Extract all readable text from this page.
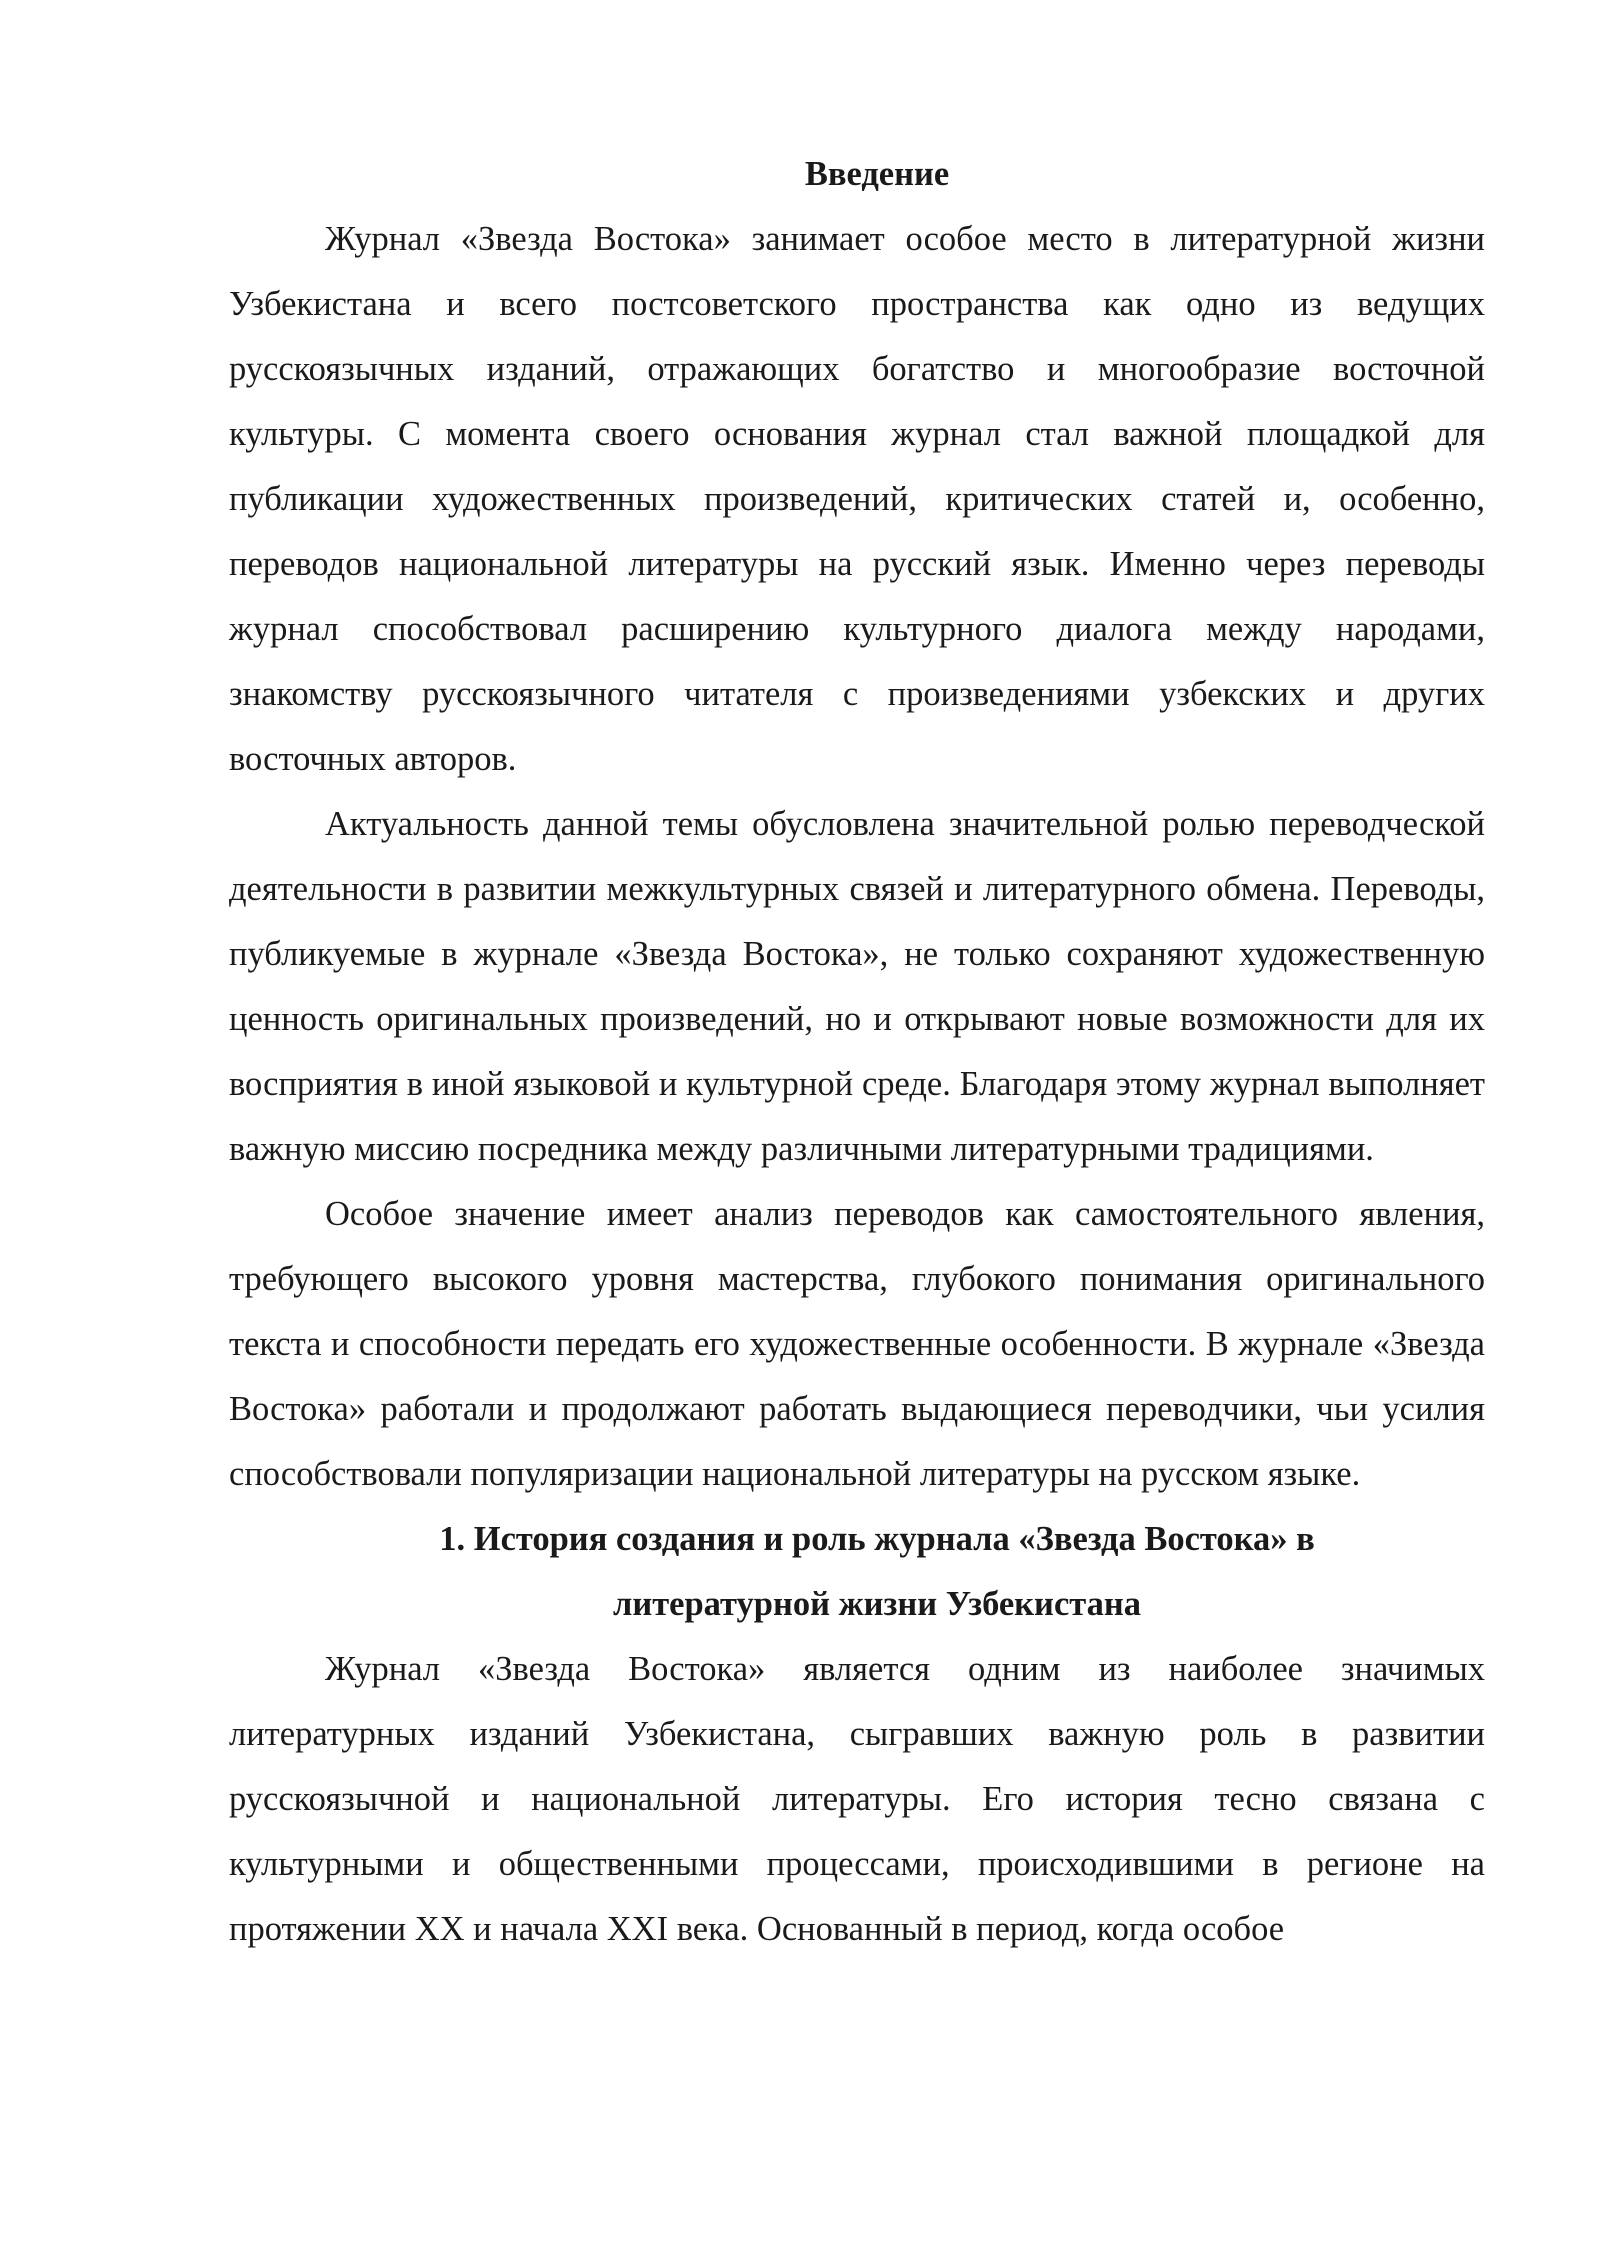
Введение

Журнал «Звезда Востока» занимает особое место в литературной жизни Узбекистана и всего постсоветского пространства как одно из ведущих русскоязычных изданий, отражающих богатство и многообразие восточной культуры. С момента своего основания журнал стал важной площадкой для публикации художественных произведений, критических статей и, особенно, переводов национальной литературы на русский язык. Именно через переводы журнал способствовал расширению культурного диалога между народами, знакомству русскоязычного читателя с произведениями узбекских и других восточных авторов.

Актуальность данной темы обусловлена значительной ролью переводческой деятельности в развитии межкультурных связей и литературного обмена. Переводы, публикуемые в журнале «Звезда Востока», не только сохраняют художественную ценность оригинальных произведений, но и открывают новые возможности для их восприятия в иной языковой и культурной среде. Благодаря этому журнал выполняет важную миссию посредника между различными литературными традициями.

Особое значение имеет анализ переводов как самостоятельного явления, требующего высокого уровня мастерства, глубокого понимания оригинального текста и способности передать его художественные особенности. В журнале «Звезда Востока» работали и продолжают работать выдающиеся переводчики, чьи усилия способствовали популяризации национальной литературы на русском языке.

1. История создания и роль журнала «Звезда Востока» в
литературной жизни Узбекистана

Журнал «Звезда Востока» является одним из наиболее значимых литературных изданий Узбекистана, сыгравших важную роль в развитии русскоязычной и национальной литературы. Его история тесно связана с культурными и общественными процессами, происходившими в регионе на протяжении XX и начала XXI века. Основанный в период, когда особое
